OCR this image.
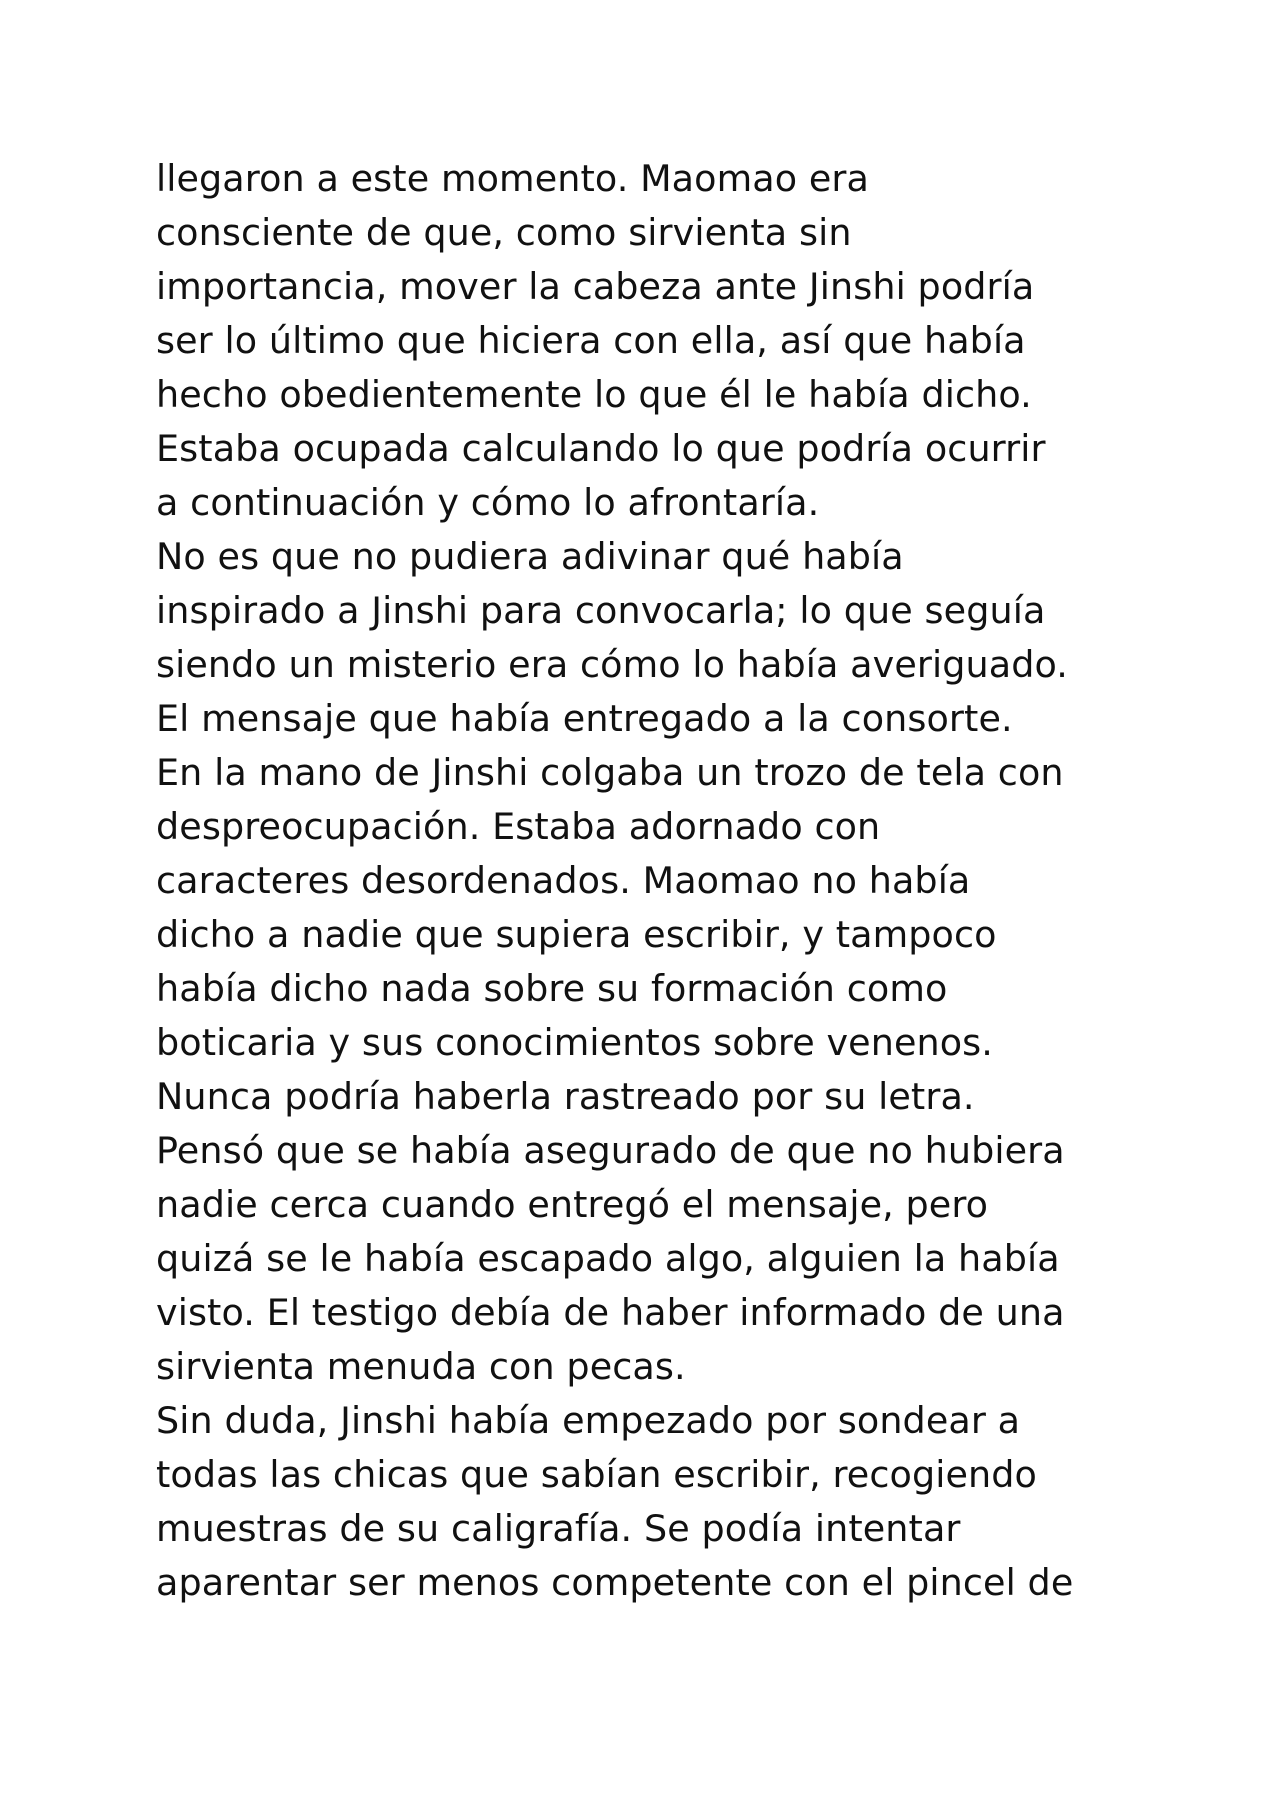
llegaron a este momento. Maomao era
consciente de que, como sirvienta sin
importancia, mover la cabeza ante Jinshi podría
ser lo último que hiciera con ella, así que había
hecho obedientemente lo que él le había dicho.
Estaba ocupada calculando lo que podría ocurrir
a continuación y cómo lo afrontaría.
No es que no pudiera adivinar qué había
inspirado a Jinshi para convocarla; lo que seguía
siendo un misterio era cómo lo había averiguado.
El mensaje que había entregado a la consorte.
En la mano de Jinshi colgaba un trozo de tela con
despreocupación. Estaba adornado con
caracteres desordenados. Maomao no había
dicho a nadie que supiera escribir, y tampoco
había dicho nada sobre su formación como
boticaria y sus conocimientos sobre venenos.
Nunca podría haberla rastreado por su letra.
Pensó que se había asegurado de que no hubiera
nadie cerca cuando entregó el mensaje, pero
quizá se le había escapado algo, alguien la había
visto. El testigo debía de haber informado de una
sirvienta menuda con pecas.
Sin duda, Jinshi había empezado por sondear a
todas las chicas que sabían escribir, recogiendo
muestras de su caligrafía. Se podía intentar
aparentar ser menos competente con el pincel de
